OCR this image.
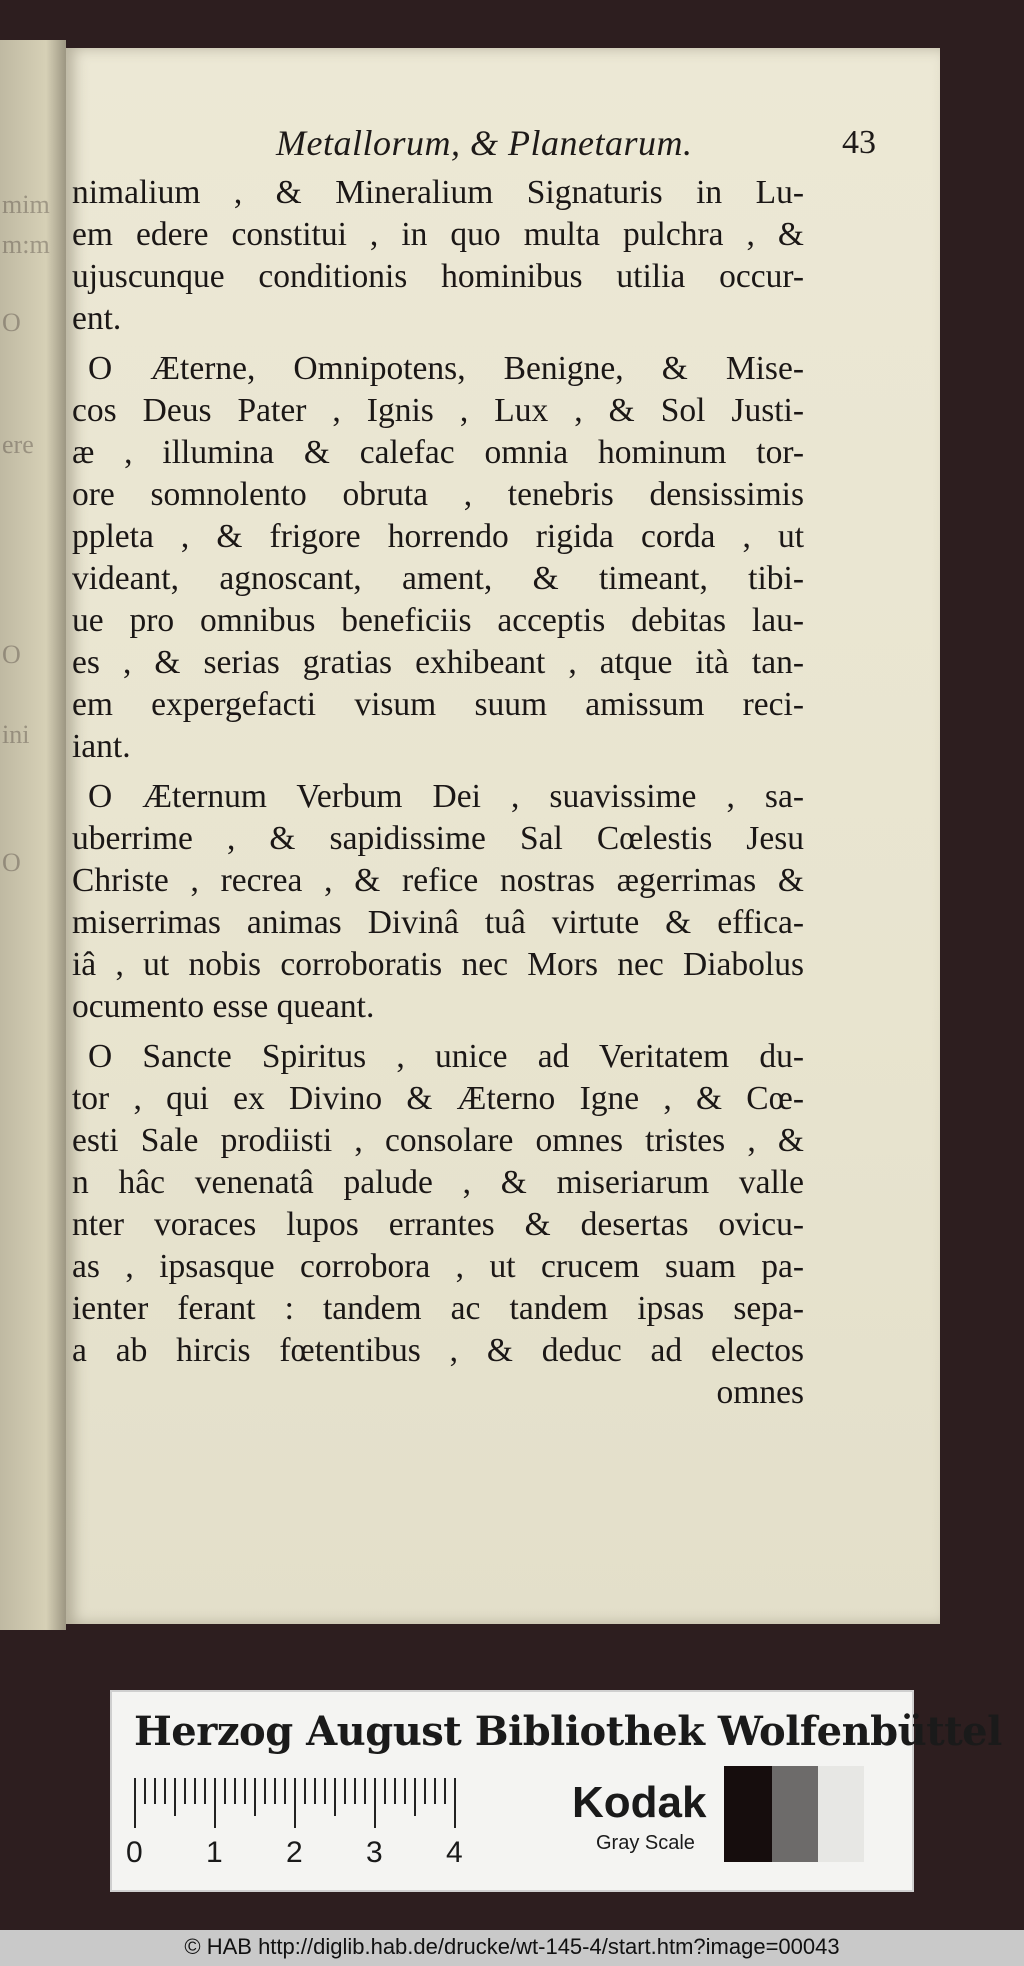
mim
m:m
O
ere
O
ini
O
Metallorum, & Planetarum.	43
nimalium , & Mineralium Signaturis in Lu-
em edere constitui , in quo multa pulchra , &
ujuscunque conditionis hominibus utilia occur-
ent.
O Æterne, Omnipotens, Benigne, & Mise-
cos Deus Pater , Ignis , Lux , & Sol Justi-
æ , illumina & calefac omnia hominum tor-
ore somnolento obruta , tenebris densissimis
ppleta , & frigore horrendo rigida corda , ut
videant, agnoscant, ament, & timeant, tibi-
ue pro omnibus beneficiis acceptis debitas lau-
es , & serias gratias exhibeant , atque ità tan-
em expergefacti visum suum amissum reci-
iant.
O Æternum Verbum Dei , suavissime , sa-
uberrime , & sapidissime Sal Cœlestis Jesu
Christe , recrea , & refice nostras ægerrimas &
miserrimas animas Divinâ tuâ virtute & effica-
iâ , ut nobis corroboratis nec Mors nec Diabolus
ocumento esse queant.
O Sancte Spiritus , unice ad Veritatem du-
tor , qui ex Divino & Æterno Igne , & Cœ-
esti Sale prodiisti , consolare omnes tristes , &
n hâc venenatâ palude , & miseriarum valle
nter voraces lupos errantes & desertas ovicu-
as , ipsasque corrobora , ut crucem suam pa-
ienter ferant : tandem ac tandem ipsas sepa-
a ab hircis fœtentibus , & deduc ad electos
omnes
Herzog August Bibliothek Wolfenbüttel
0 1 2 3 4
Kodak
Gray Scale
© HAB http://diglib.hab.de/drucke/wt-145-4/start.htm?image=00043
